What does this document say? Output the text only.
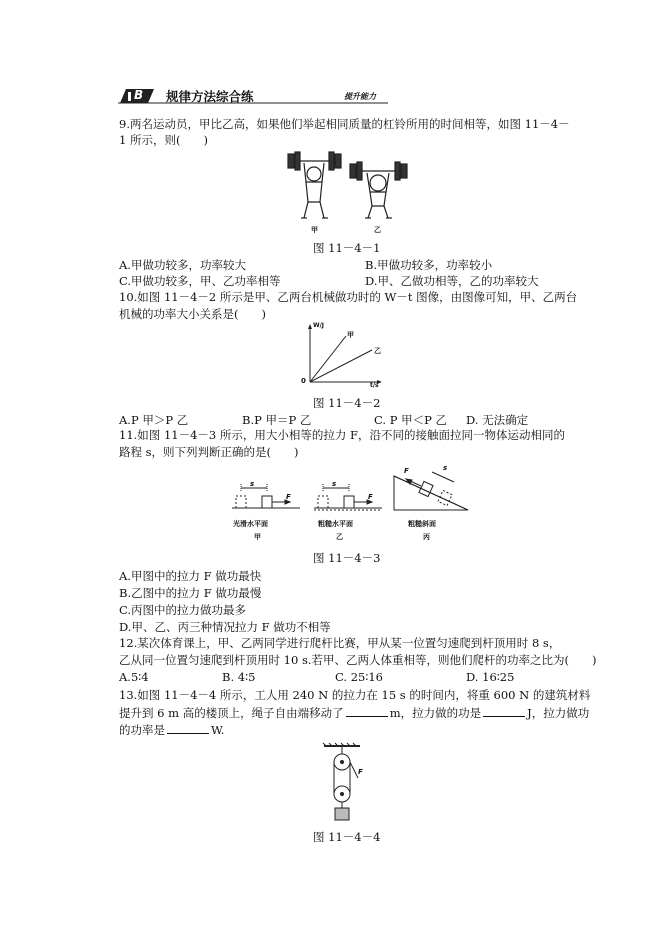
B 规律方法综合练	提升能力
9.两名运动员，甲比乙高，如果他们举起相同质量的杠铃所用的时间相等，如图 11－4－
1 所示，则(　　)
甲	乙
图 11－4－1
A.甲做功较多，功率较大	B.甲做功较多，功率较小
C.甲做功较多，甲、乙功率相等	D.甲、乙做功相等，乙的功率较大
10.如图 11－4－2 所示是甲、乙两台机械做功时的 W－t 图像，由图像可知，甲、乙两台
机械的功率大小关系是(　　)
W/J
t/s
0
甲
乙
图 11－4－2
A.P 甲＞P 乙	B.P 甲＝P 乙	C. P 甲＜P 乙 D. 无法确定
11.如图 11－4－3 所示，用大小相等的拉力 F，沿不同的接触面拉同一物体运动相同的
路程 s，则下列判断正确的是(　　)
F
s
F
s
F	s
光滑水平面
甲
粗糙水平面
乙
粗糙斜面
丙
图 11－4－3
A.甲图中的拉力 F 做功最快
B.乙图中的拉力 F 做功最慢
C.丙图中的拉力做功最多
D.甲、乙、丙三种情况拉力 F 做功不相等
12.某次体育课上，甲、乙两同学进行爬杆比赛，甲从某一位置匀速爬到杆顶用时 8 s，
乙从同一位置匀速爬到杆顶用时 10 s.若甲、乙两人体重相等，则他们爬杆的功率之比为(　　)
A.5∶4	B. 4∶5	C. 25∶16	D. 16∶25
13.如图 11－4－4 所示，工人用 240 N 的拉力在 15 s 的时间内，将重 600 N 的建筑材料
提升到 6 m 高的楼顶上，绳子自由端移动了	m，拉力做的功是	J，拉力做功
的功率是	W.
F
图 11－4－4
